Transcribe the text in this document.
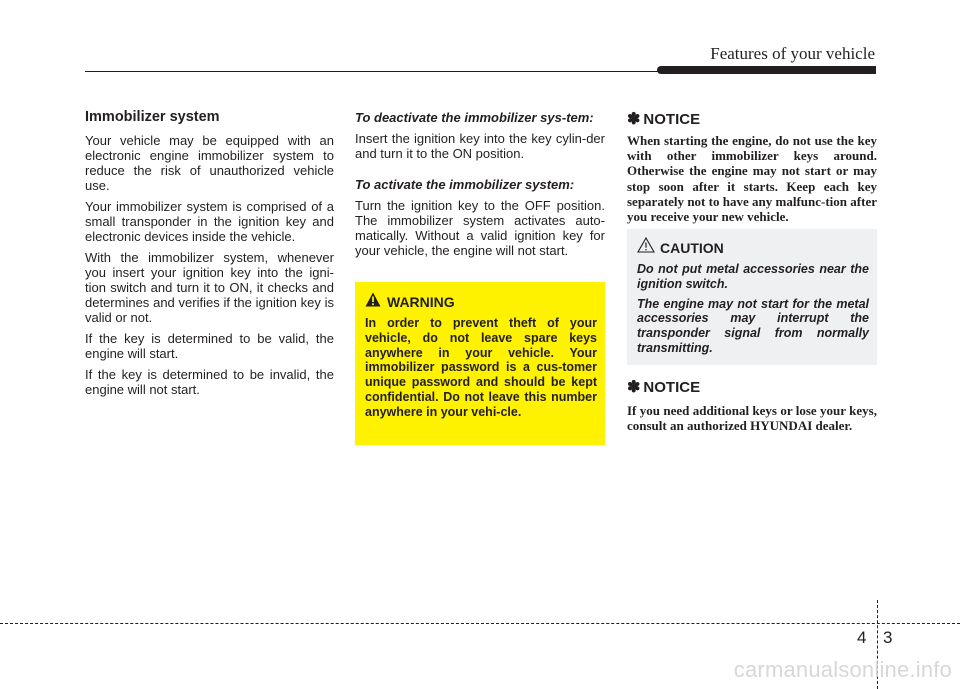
Features of your vehicle
Immobilizer system

Your vehicle may be equipped with an electronic engine immobilizer system to reduce the risk of unauthorized vehicle use.

Your immobilizer system is comprised of a small transponder in the ignition key and electronic devices inside the vehicle.

With the immobilizer system, whenever you insert your ignition key into the igni-tion switch and turn it to ON, it checks and determines and verifies if the ignition key is valid or not.

If the key is determined to be valid, the engine will start.

If the key is determined to be invalid, the engine will not start.

To deactivate the immobilizer sys-tem:

Insert the ignition key into the key cylin-der and turn it to the ON position.

To activate the immobilizer system:

Turn the ignition key to the OFF position. The immobilizer system activates auto-matically. Without a valid ignition key for your vehicle, the engine will not start.

WARNING
In order to prevent theft of your vehicle, do not leave spare keys anywhere in your vehicle. Your immobilizer password is a cus-tomer unique password and should be kept confidential. Do not leave this number anywhere in your vehi-cle.
✽ NOTICE

When starting the engine, do not use the key with other immobilizer keys around. Otherwise the engine may not start or may stop soon after it starts. Keep each key separately not to have any malfunc-tion after you receive your new vehicle.

CAUTION

Do not put metal accessories near the ignition switch.

The engine may not start for the metal accessories may interrupt the transponder signal from normally transmitting.

✽ NOTICE

If you need additional keys or lose your keys, consult an authorized HYUNDAI dealer.

4 3
carmanualsonline.info
